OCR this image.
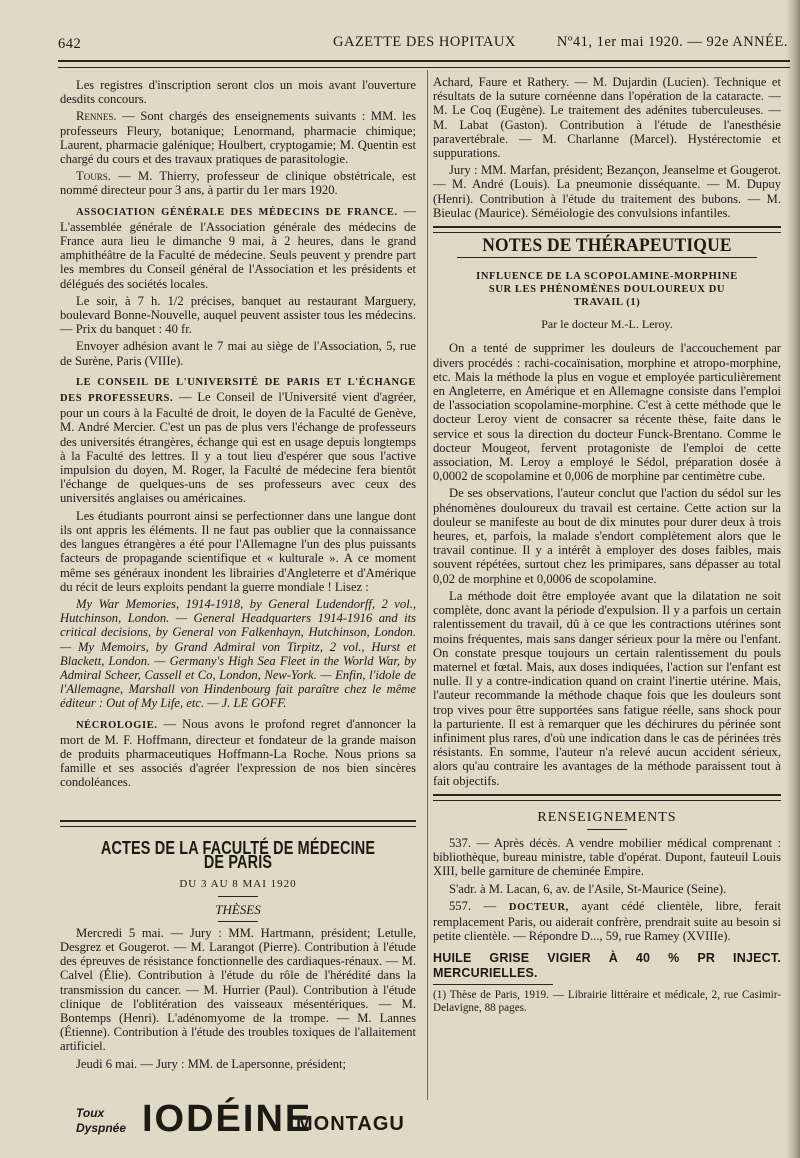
642	GAZETTE DES HOPITAUX	Nº41, 1er mai 1920. — 92e ANNÉE.

Les registres d'inscription seront clos un mois avant l'ouverture desdits concours.

Rennes. — Sont chargés des enseignements suivants : MM. les professeurs Fleury, botanique; Lenormand, pharmacie chimique; Laurent, pharmacie galénique; Houlbert, cryptogamie; M. Quentin est chargé du cours et des travaux pratiques de parasitologie.

Tours. — M. Thierry, professeur de clinique obstétricale, est nommé directeur pour 3 ans, à partir du 1er mars 1920.

ASSOCIATION GÉNÉRALE DES MÉDECINS DE FRANCE. — L'assemblée générale de l'Association générale des médecins de France aura lieu le dimanche 9 mai, à 2 heures, dans le grand amphithéâtre de la Faculté de médecine. Seuls peuvent y prendre part les membres du Conseil général de l'Association et les présidents et délégués des sociétés locales.

Le soir, à 7 h. 1/2 précises, banquet au restaurant Marguery, boulevard Bonne-Nouvelle, auquel peuvent assister tous les médecins. — Prix du banquet : 40 fr.

Envoyer adhésion avant le 7 mai au siège de l'Association, 5, rue de Surène, Paris (VIIIe).

LE CONSEIL DE L'UNIVERSITÉ DE PARIS ET L'ÉCHANGE DES PROFESSEURS. — Le Conseil de l'Université vient d'agréer, pour un cours à la Faculté de droit, le doyen de la Faculté de Genève, M. André Mercier. C'est un pas de plus vers l'échange de professeurs des universités étrangères, échange qui est en usage depuis longtemps à la Faculté des lettres. Il y a tout lieu d'espérer que sous l'active impulsion du doyen, M. Roger, la Faculté de médecine fera bientôt l'échange de quelques-uns de ses professeurs avec ceux des universités anglaises ou américaines.

Les étudiants pourront ainsi se perfectionner dans une langue dont ils ont appris les éléments. Il ne faut pas oublier que la connaissance des langues étrangères a été pour l'Allemagne l'un des plus puissants facteurs de propagande scientifique et « kulturale ». A ce moment même ses généraux inondent les librairies d'Angleterre et d'Amérique du récit de leurs exploits pendant la guerre mondiale ! Lisez :

My War Memories, 1914-1918, by General Ludendorff, 2 vol., Hutchinson, London. — General Headquarters 1914-1916 and its critical decisions, by General von Falkenhayn, Hutchinson, London. — My Memoirs, by Grand Admiral von Tirpitz, 2 vol., Hurst et Blackett, London. — Germany's High Sea Fleet in the World War, by Admiral Scheer, Cassell et Co, London, New-York. — Enfin, l'idole de l'Allemagne, Marshall von Hindenbourg fait paraître chez le même éditeur : Out of My Life, etc. — J. LE GOFF.

NÉCROLOGIE. — Nous avons le profond regret d'annoncer la mort de M. F. Hoffmann, directeur et fondateur de la grande maison de produits pharmaceutiques Hoffmann-La Roche. Nous prions sa famille et ses associés d'agréer l'expression de nos bien sincères condoléances.

ACTES DE LA FACULTÉ DE MÉDECINE DE PARIS
DU 3 AU 8 MAI 1920
THÈSES

Mercredi 5 mai. — Jury : MM. Hartmann, président; Letulle, Desgrez et Gougerot. — M. Larangot (Pierre). Contribution à l'étude des épreuves de résistance fonctionnelle des cardiaques-rénaux. — M. Calvel (Élie). Contribution à l'étude du rôle de l'hérédité dans la transmission du cancer. — M. Hurrier (Paul). Contribution à l'étude clinique de l'oblitération des vaisseaux mésentériques. — M. Bontemps (Henri). L'adénomyome de la trompe. — M. Lannes (Étienne). Contribution à l'étude des troubles toxiques de l'allaitement artificiel.

Jeudi 6 mai. — Jury : MM. de Lapersonne, président;

Achard, Faure et Rathery. — M. Dujardin (Lucien). Technique et résultats de la suture cornéenne dans l'opération de la cataracte. — M. Le Coq (Eugène). Le traitement des adénites tuberculeuses. — M. Labat (Gaston). Contribution à l'étude de l'anesthésie paravertébrale. — M. Charlanne (Marcel). Hystérectomie et suppurations.

Jury : MM. Marfan, président; Bezançon, Jeanselme et Gougerot. — M. André (Louis). La pneumonie disséquante. — M. Dupuy (Henri). Contribution à l'étude du traitement des bubons. — M. Bieulac (Maurice). Séméiologie des convulsions infantiles.

NOTES DE THÉRAPEUTIQUE
INFLUENCE DE LA SCOPOLAMINE-MORPHINE SUR LES PHÉNOMÈNES DOULOUREUX DU TRAVAIL (1)
Par le docteur M.-L. Leroy.

On a tenté de supprimer les douleurs de l'accouchement par divers procédés : rachi-cocaïnisation, morphine et atropo-morphine, etc. Mais la méthode la plus en vogue et employée particulièrement en Angleterre, en Amérique et en Allemagne consiste dans l'emploi de l'association scopolamine-morphine. C'est à cette méthode que le docteur Leroy vient de consacrer sa récente thèse, faite dans le service et sous la direction du docteur Funck-Brentano. Comme le docteur Mougeot, fervent protagoniste de l'emploi de cette association, M. Leroy a employé le Sédol, préparation dosée à 0,0002 de scopolamine et 0,006 de morphine par centimètre cube.

De ses observations, l'auteur conclut que l'action du sédol sur les phénomènes douloureux du travail est certaine. Cette action sur la douleur se manifeste au bout de dix minutes pour durer deux à trois heures, et, parfois, la malade s'endort complètement alors que le travail continue. Il y a intérêt à employer des doses faibles, mais souvent répétées, surtout chez les primipares, sans dépasser au total 0,02 de morphine et 0,0006 de scopolamine.

La méthode doit être employée avant que la dilatation ne soit complète, donc avant la période d'expulsion. Il y a parfois un certain ralentissement du travail, dû à ce que les contractions utérines sont moins fréquentes, mais sans danger sérieux pour la mère ou l'enfant. On constate presque toujours un certain ralentissement du pouls maternel et fœtal. Mais, aux doses indiquées, l'action sur l'enfant est nulle. Il y a contre-indication quand on craint l'inertie utérine. Mais, l'auteur recommande la méthode chaque fois que les douleurs sont trop vives pour être supportées sans fatigue réelle, sans shock pour la parturiente. Il est à remarquer que les déchirures du périnée sont infiniment plus rares, d'où une indication dans le cas de périnées très résistants. En somme, l'auteur n'a relevé aucun accident sérieux, alors qu'au contraire les avantages de la méthode paraissent tout à fait objectifs.

RENSEIGNEMENTS

537. — Après décès. A vendre mobilier médical comprenant : bibliothèque, bureau ministre, table d'opérat. Dupont, fauteuil Louis XIII, belle garniture de cheminée Empire.

S'adr. à M. Lacan, 6, av. de l'Asile, St-Maurice (Seine).

557. — DOCTEUR, ayant cédé clientèle, libre, ferait remplacement Paris, ou aiderait confrère, prendrait suite au besoin si petite clientèle. — Répondre D..., 59, rue Ramey (XVIIIe).

HUILE GRISE VIGIER À 40 % PR INJECT. MERCURIELLES.
(1) Thèse de Paris, 1919. — Librairie littéraire et médicale, 2, rue Casimir-Delavigne, 88 pages.
Toux
Dyspnée IODÉINE
MONTAGU
